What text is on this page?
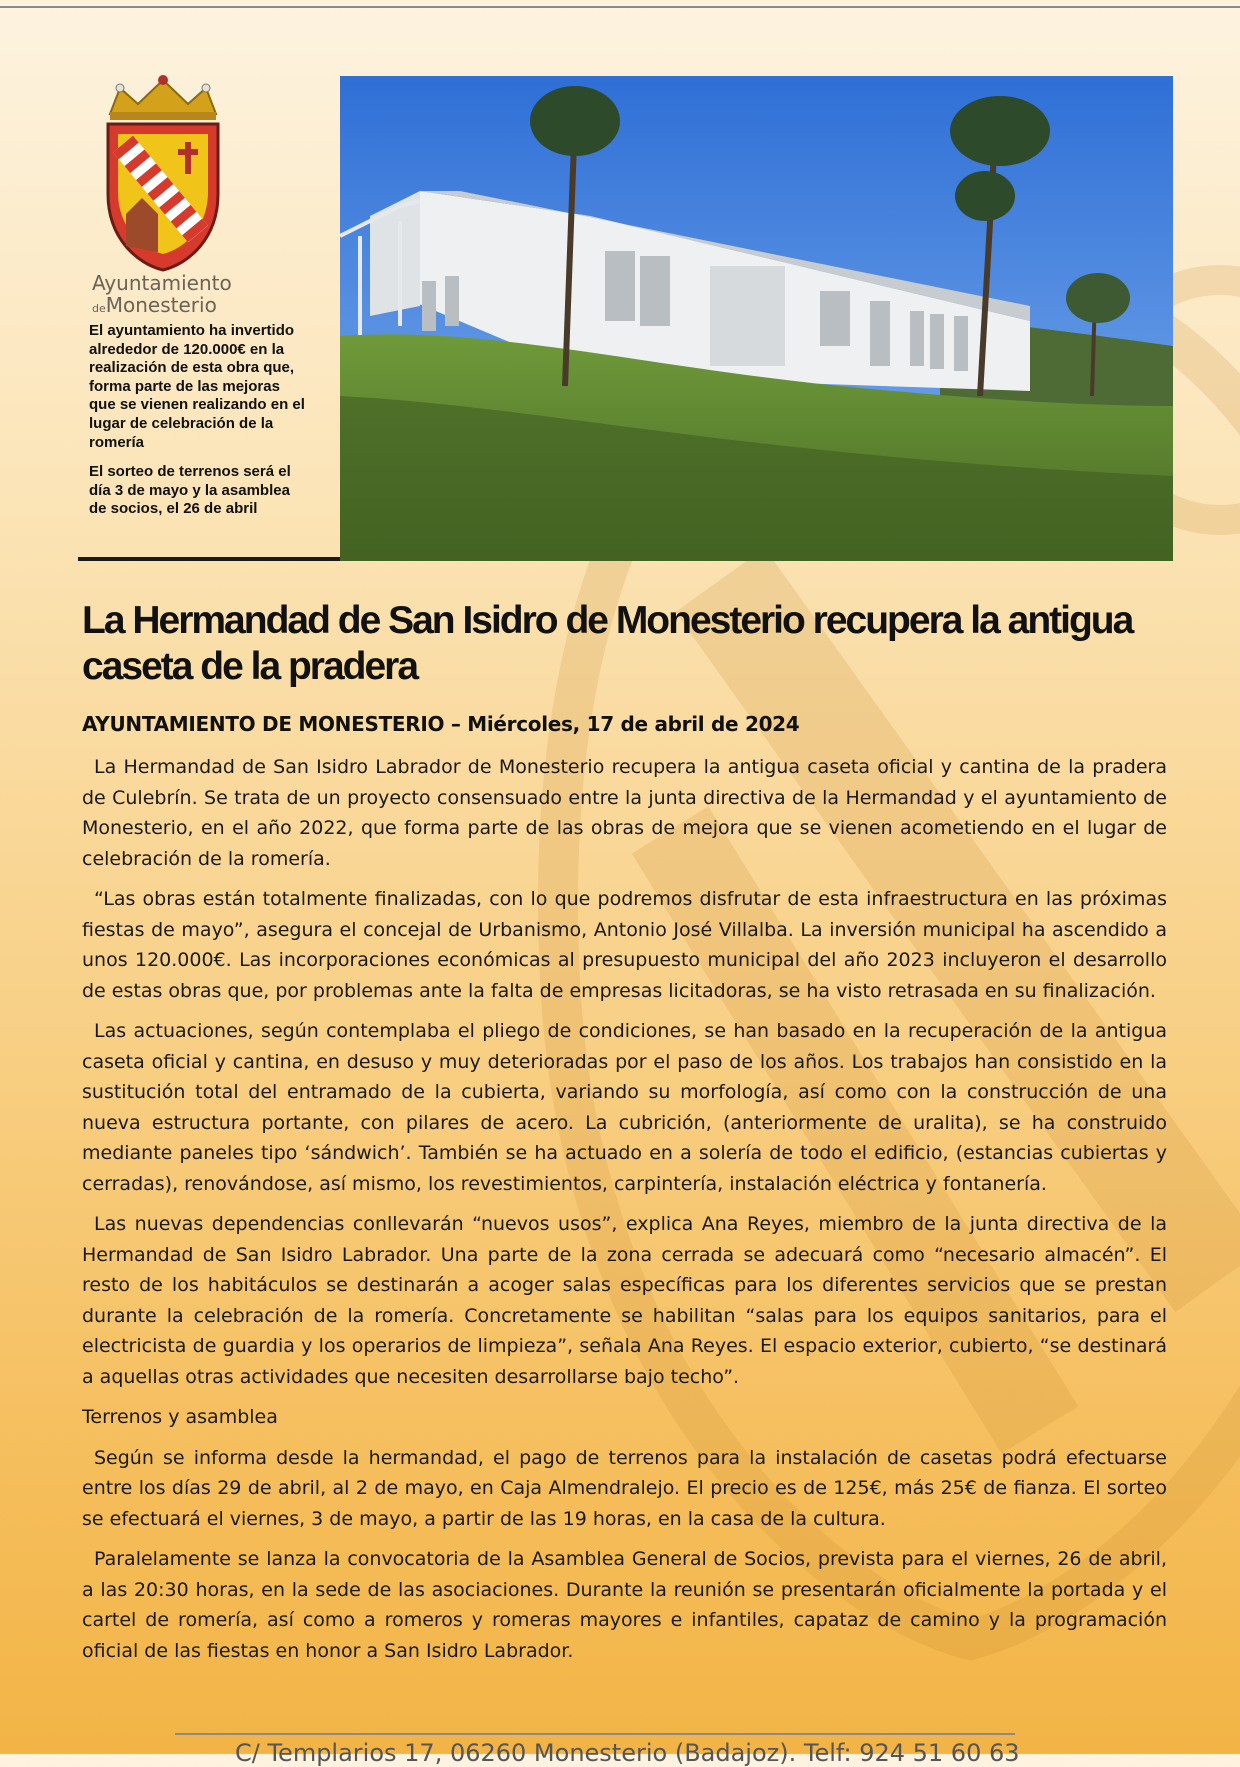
Ayuntamiento
deMonesterio

El ayuntamiento ha invertido alrededor de 120.000€ en la realización de esta obra que, forma parte de las mejoras que se vienen realizando en el lugar de celebración de la romería

El sorteo de terrenos será el día 3 de mayo y la asamblea de socios, el 26 de abril

La Hermandad de San Isidro de Monesterio recupera la antigua caseta de la pradera
AYUNTAMIENTO DE MONESTERIO – Miércoles, 17 de abril de 2024

La Hermandad de San Isidro Labrador de Monesterio recupera la antigua caseta oficial y cantina de la pradera de Culebrín. Se trata de un proyecto consensuado entre la junta directiva de la Hermandad y el ayuntamiento de Monesterio, en el año 2022, que forma parte de las obras de mejora que se vienen acometiendo en el lugar de celebración de la romería.

“Las obras están totalmente finalizadas, con lo que podremos disfrutar de esta infraestructura en las próximas fiestas de mayo”, asegura el concejal de Urbanismo, Antonio José Villalba. La inversión municipal ha ascendido a unos 120.000€. Las incorporaciones económicas al presupuesto municipal del año 2023 incluyeron el desarrollo de estas obras que, por problemas ante la falta de empresas licitadoras, se ha visto retrasada en su finalización.

Las actuaciones, según contemplaba el pliego de condiciones, se han basado en la recuperación de la antigua caseta oficial y cantina, en desuso y muy deterioradas por el paso de los años. Los trabajos han consistido en la sustitución total del entramado de la cubierta, variando su morfología, así como con la construcción de una nueva estructura portante, con pilares de acero. La cubrición, (anteriormente de uralita), se ha construido mediante paneles tipo ‘sándwich’. También se ha actuado en a solería de todo el edificio, (estancias cubiertas y cerradas), renovándose, así mismo, los revestimientos, carpintería, instalación eléctrica y fontanería.

Las nuevas dependencias conllevarán “nuevos usos”, explica Ana Reyes, miembro de la junta directiva de la Hermandad de San Isidro Labrador. Una parte de la zona cerrada se adecuará como “necesario almacén”. El resto de los habitáculos se destinarán a acoger salas específicas para los diferentes servicios que se prestan durante la celebración de la romería. Concretamente se habilitan “salas para los equipos sanitarios, para el electricista de guardia y los operarios de limpieza”, señala Ana Reyes. El espacio exterior, cubierto, “se destinará a aquellas otras actividades que necesiten desarrollarse bajo techo”.

Terrenos y asamblea

Según se informa desde la hermandad, el pago de terrenos para la instalación de casetas podrá efectuarse entre los días 29 de abril, al 2 de mayo, en Caja Almendralejo. El precio es de 125€, más 25€ de fianza. El sorteo se efectuará el viernes, 3 de mayo, a partir de las 19 horas, en la casa de la cultura.

Paralelamente se lanza la convocatoria de la Asamblea General de Socios, prevista para el viernes, 26 de abril, a las 20:30 horas, en la sede de las asociaciones. Durante la reunión se presentarán oficialmente la portada y el cartel de romería, así como a romeros y romeras mayores e infantiles, capataz de camino y la programación oficial de las fiestas en honor a San Isidro Labrador.

C/ Templarios 17, 06260 Monesterio (Badajoz). Telf: 924 51 60 63
